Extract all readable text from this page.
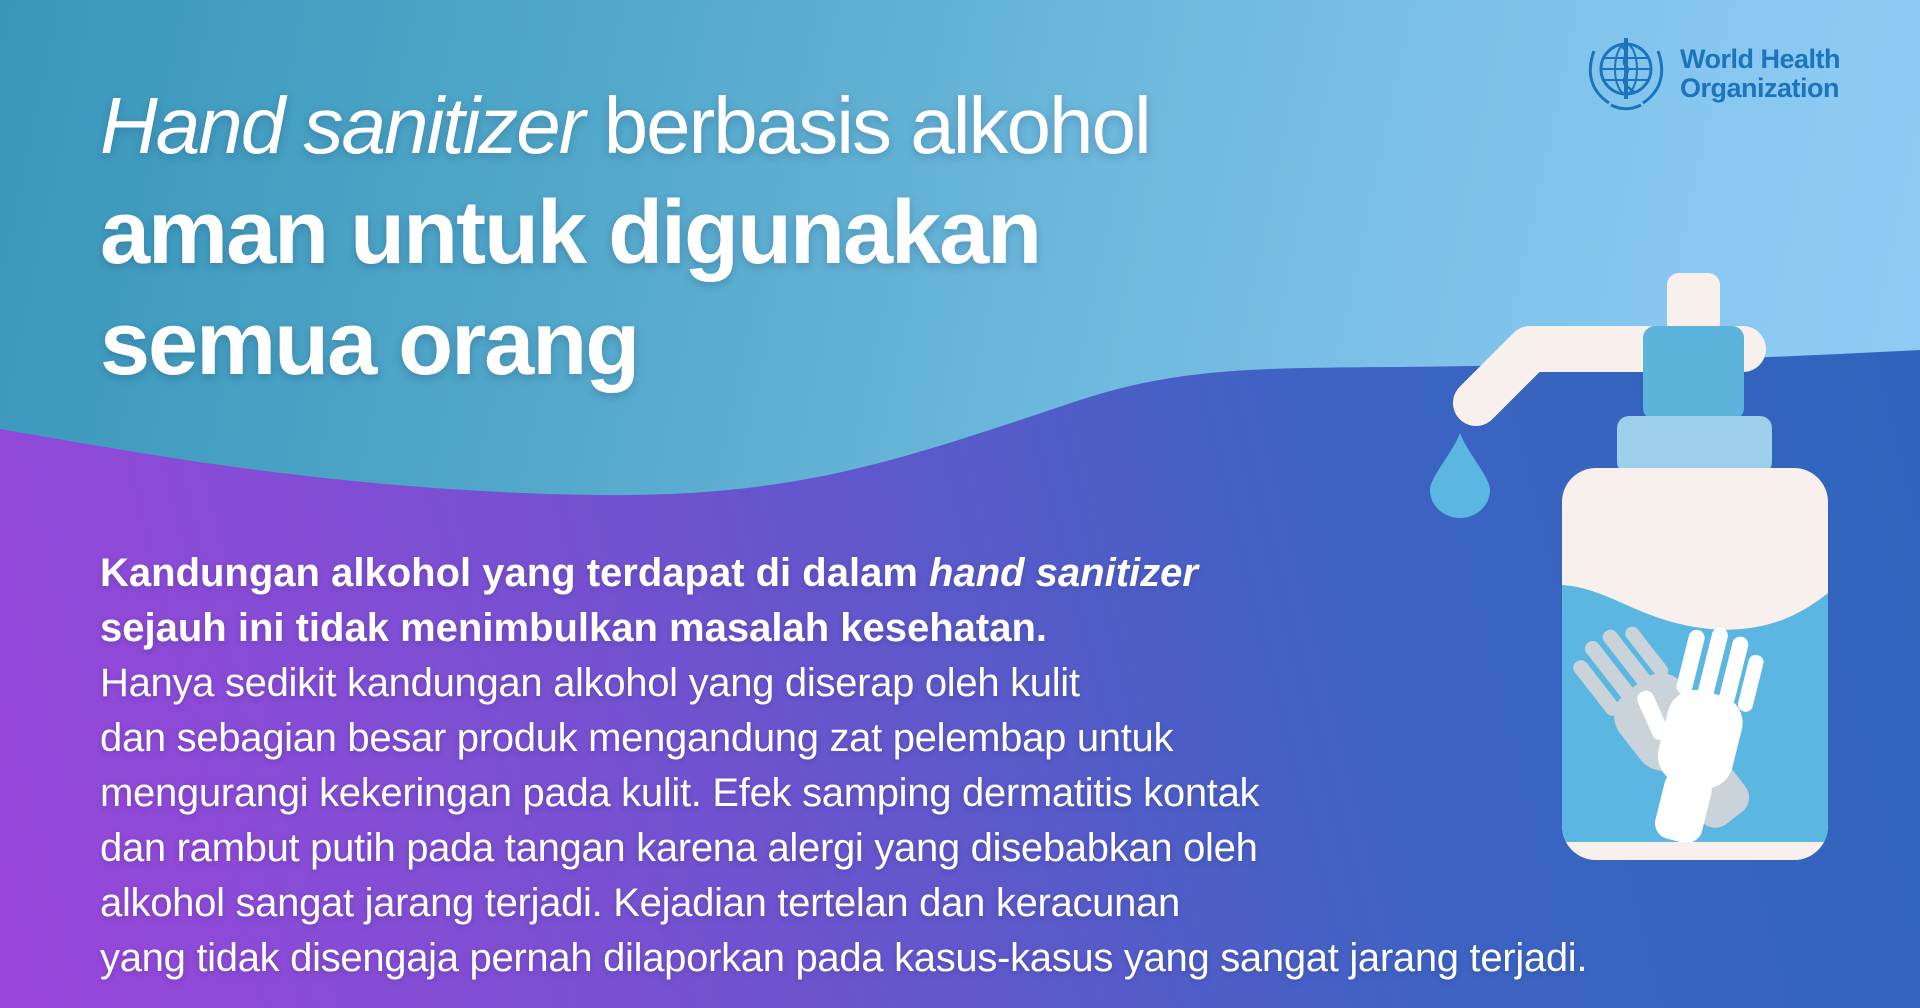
World Health
Organization
Hand sanitizer berbasis alkohol
aman untuk digunakan
semua orang
Kandungan alkohol yang terdapat di dalam hand sanitizer
sejauh ini tidak menimbulkan masalah kesehatan.
Hanya sedikit kandungan alkohol yang diserap oleh kulit
dan sebagian besar produk mengandung zat pelembap untuk
mengurangi kekeringan pada kulit. Efek samping dermatitis kontak
dan rambut putih pada tangan karena alergi yang disebabkan oleh
alkohol sangat jarang terjadi. Kejadian tertelan dan keracunan
yang tidak disengaja pernah dilaporkan pada kasus-kasus yang sangat jarang terjadi.
